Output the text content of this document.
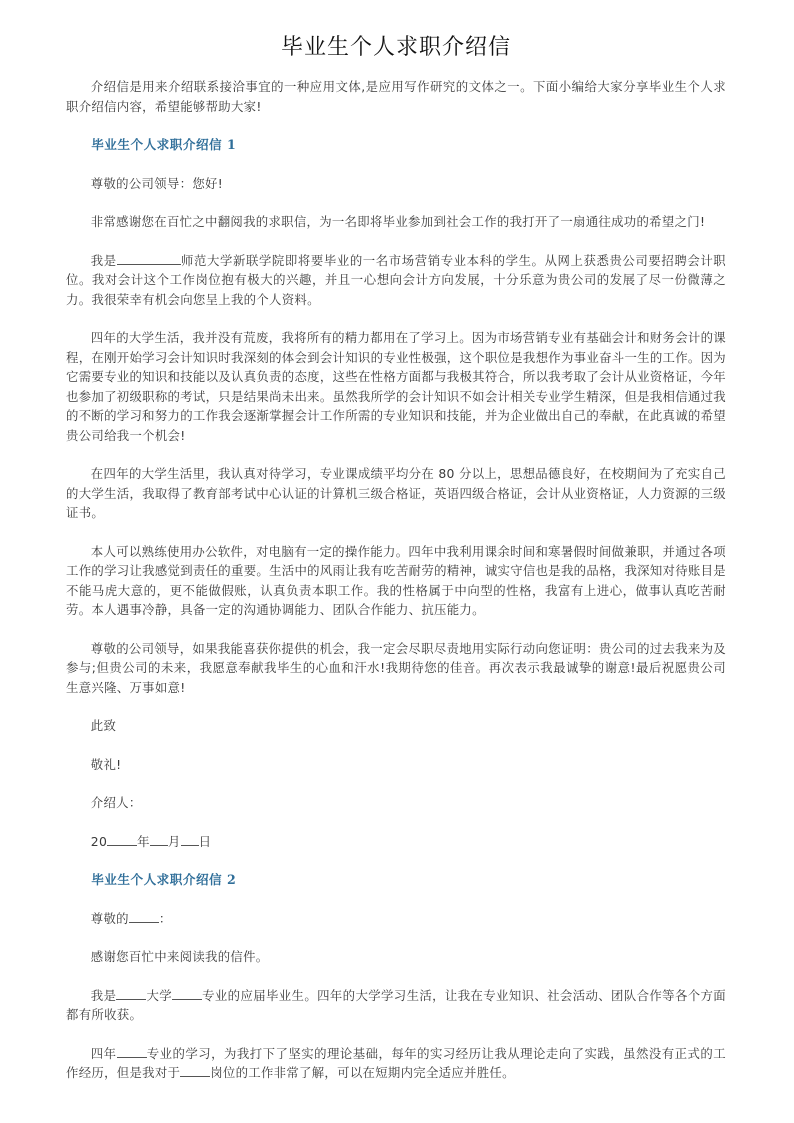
毕业生个人求职介绍信

介绍信是用来介绍联系接洽事宜的一种应用文体,是应用写作研究的文体之一。下面小编给大家分享毕业生个人求职介绍信内容，希望能够帮助大家!

毕业生个人求职介绍信 1

尊敬的公司领导：您好!

非常感谢您在百忙之中翻阅我的求职信，为一名即将毕业参加到社会工作的我打开了一扇通往成功的希望之门!

我是	师范大学新联学院即将要毕业的一名市场营销专业本科的学生。从网上获悉贵公司要招聘会计职位。我对会计这个工作岗位抱有极大的兴趣，并且一心想向会计方向发展，十分乐意为贵公司的发展了尽一份微薄之力。我很荣幸有机会向您呈上我的个人资料。

四年的大学生活，我并没有荒废，我将所有的精力都用在了学习上。因为市场营销专业有基础会计和财务会计的课程，在刚开始学习会计知识时我深刻的体会到会计知识的专业性极强，这个职位是我想作为事业奋斗一生的工作。因为它需要专业的知识和技能以及认真负责的态度，这些在性格方面都与我极其符合，所以我考取了会计从业资格证，今年也参加了初级职称的考试，只是结果尚未出来。虽然我所学的会计知识不如会计相关专业学生精深，但是我相信通过我的不断的学习和努力的工作我会逐渐掌握会计工作所需的专业知识和技能，并为企业做出自己的奉献，在此真诚的希望贵公司给我一个机会!

在四年的大学生活里，我认真对待学习，专业课成绩平均分在 80 分以上，思想品德良好，在校期间为了充实自己的大学生活，我取得了教育部考试中心认证的计算机三级合格证，英语四级合格证，会计从业资格证，人力资源的三级证书。

本人可以熟练使用办公软件，对电脑有一定的操作能力。四年中我利用课余时间和寒暑假时间做兼职，并通过各项工作的学习让我感觉到责任的重要。生活中的风雨让我有吃苦耐劳的精神，诚实守信也是我的品格，我深知对待账目是不能马虎大意的，更不能做假账，认真负责本职工作。我的性格属于中向型的性格，我富有上进心，做事认真吃苦耐劳。本人遇事冷静，具备一定的沟通协调能力、团队合作能力、抗压能力。

尊敬的公司领导，如果我能喜获你提供的机会，我一定会尽职尽责地用实际行动向您证明：贵公司的过去我来为及参与;但贵公司的未来，我愿意奉献我毕生的心血和汗水!我期待您的佳音。再次表示我最诚挚的谢意!最后祝愿贵公司生意兴隆、万事如意!

此致

敬礼!

介绍人：

20 年 月 日

毕业生个人求职介绍信 2

尊敬的 ：

感谢您百忙中来阅读我的信件。

我是 大学 专业的应届毕业生。四年的大学学习生活，让我在专业知识、社会活动、团队合作等各个方面都有所收获。

四年 专业的学习，为我打下了坚实的理论基础，每年的实习经历让我从理论走向了实践，虽然没有正式的工作经历，但是我对于 岗位的工作非常了解，可以在短期内完全适应并胜任。
